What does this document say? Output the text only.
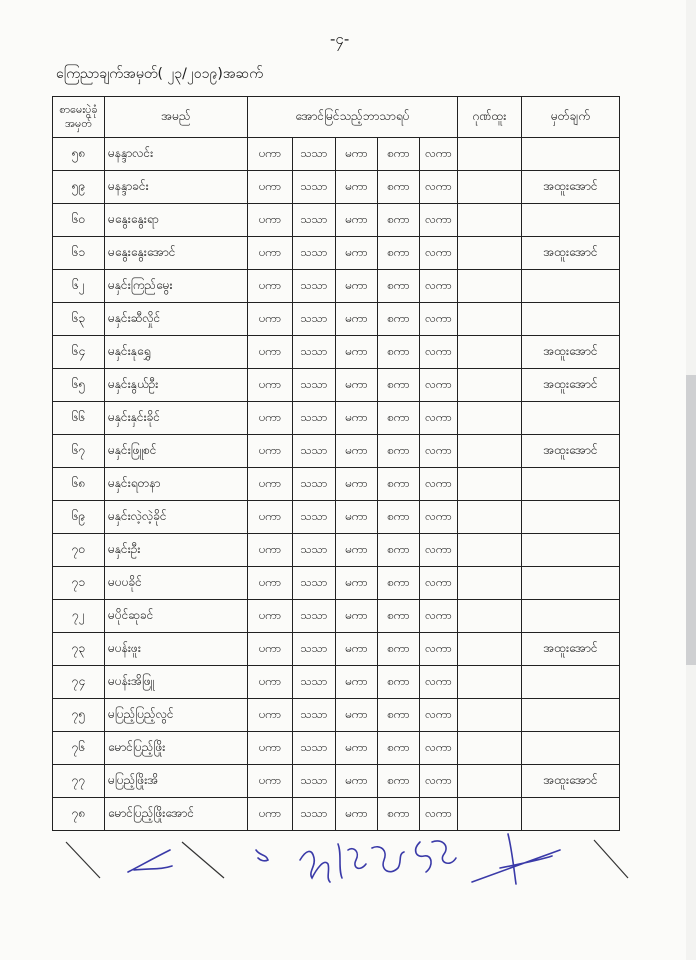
-၄-
ကြေညာချက်အမှတ်( ၂၃/၂၀၁၉)အဆက်
စာမေးပွဲခုံအမှတ်	အမည်	အောင်မြင်သည့်ဘာသာရပ်					ဂုဏ်ထူး	မှတ်ချက်
၅၈	မနန္ဒာလင်း	ပကာ	သသာ	မကာ	စကာ	လကာ		
၅၉	မနန္ဒာခင်း	ပကာ	သသာ	မကာ	စကာ	လကာ		အထူးအောင်
၆၀	မနွေးနွေးရာ	ပကာ	သသာ	မကာ	စကာ	လကာ		
၆၁	မနွေးနွေးအောင်	ပကာ	သသာ	မကာ	စကာ	လကာ		အထူးအောင်
၆၂	မနှင်းကြည်မွေး	ပကာ	သသာ	မကာ	စကာ	လကာ		
၆၃	မနှင်းဆီလှိုင်	ပကာ	သသာ	မကာ	စကာ	လကာ		
၆၄	မနှင်းနုရွှေ	ပကာ	သသာ	မကာ	စကာ	လကာ		အထူးအောင်
၆၅	မနှင်းနွယ်ဦး	ပကာ	သသာ	မကာ	စကာ	လကာ		အထူးအောင်
၆၆	မနှင်းနှင်းခိုင်	ပကာ	သသာ	မကာ	စကာ	လကာ		
၆၇	မနှင်းဖြူစင်	ပကာ	သသာ	မကာ	စကာ	လကာ		အထူးအောင်
၆၈	မနှင်းရတနာ	ပကာ	သသာ	မကာ	စကာ	လကာ		
၆၉	မနှင်းလဲ့လဲ့ခိုင်	ပကာ	သသာ	မကာ	စကာ	လကာ		
၇၀	မနှင်းဦး	ပကာ	သသာ	မကာ	စကာ	လကာ		
၇၁	မပပခိုင်	ပကာ	သသာ	မကာ	စကာ	လကာ		
၇၂	မပိုင်ဆုခင်	ပကာ	သသာ	မကာ	စကာ	လကာ		
၇၃	မပန်းဖူး	ပကာ	သသာ	မကာ	စကာ	လကာ		အထူးအောင်
၇၄	မပန်းအိဖြူ	ပကာ	သသာ	မကာ	စကာ	လကာ		
၇၅	မပြည့်ပြည့်လွင်	ပကာ	သသာ	မကာ	စကာ	လကာ		
၇၆	မောင်ပြည့်ဖြိုး	ပကာ	သသာ	မကာ	စကာ	လကာ		
၇၇	မပြည့်ဖြိုးအိ	ပကာ	သသာ	မကာ	စကာ	လကာ		အထူးအောင်
၇၈	မောင်ပြည့်ဖြိုးအောင်	ပကာ	သသာ	မကာ	စကာ	လကာ		
